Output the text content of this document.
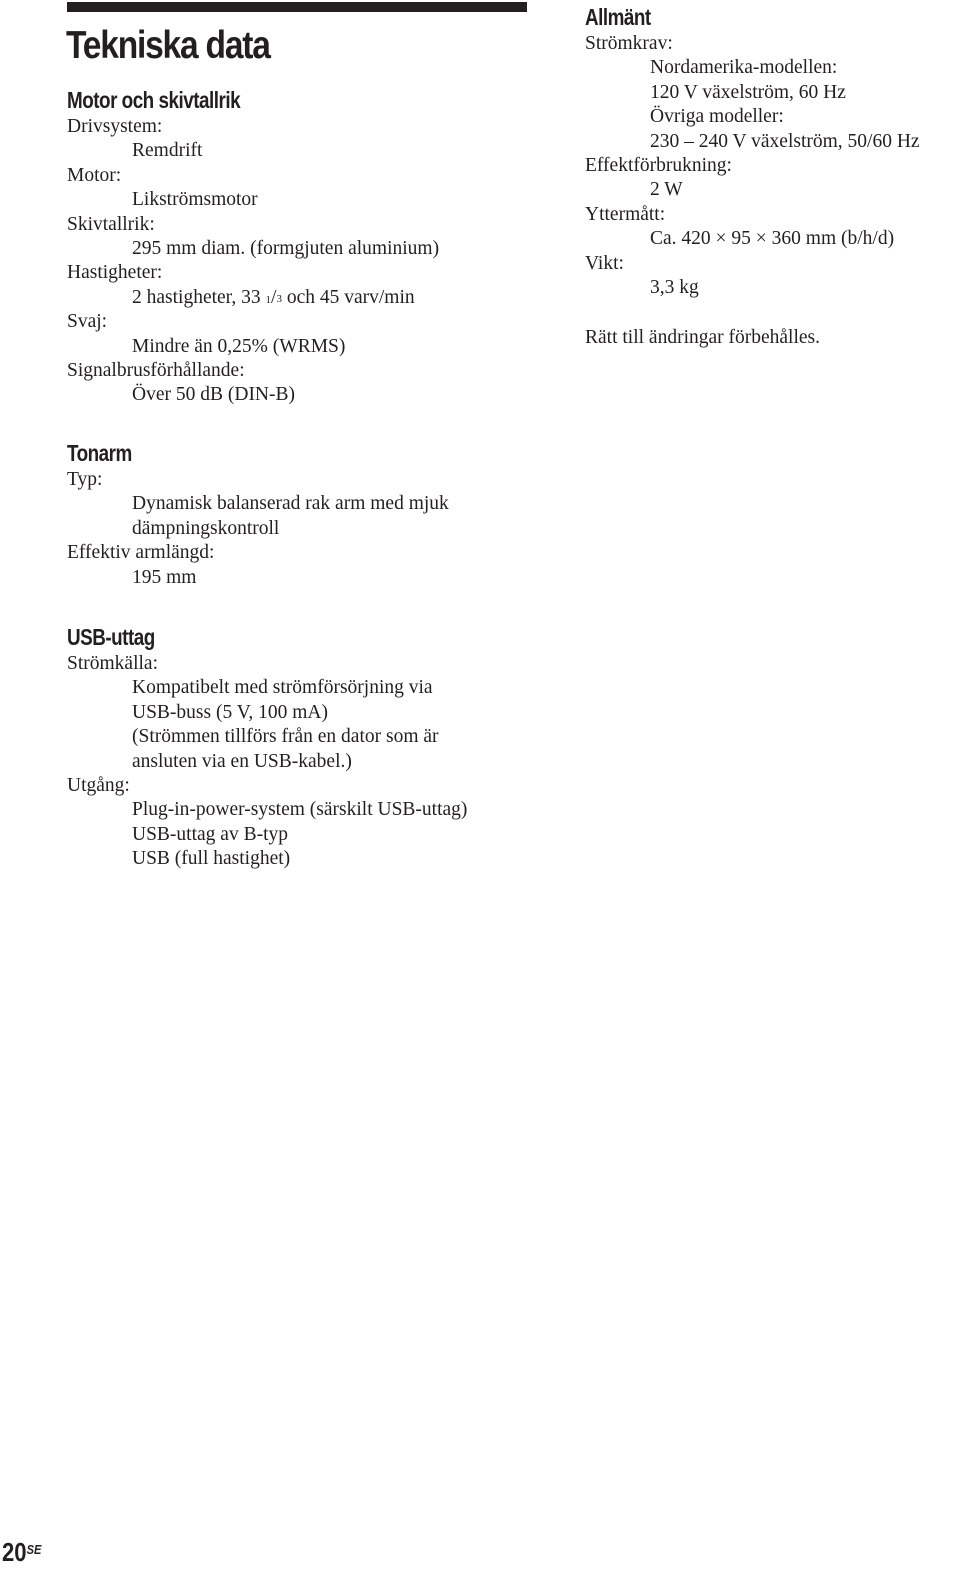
Tekniska data
Motor och skivtallrik
Drivsystem:
Remdrift
Motor:
Likströmsmotor
Skivtallrik:
295 mm diam. (formgjuten aluminium)
Hastigheter:
2 hastigheter, 33 $^1/_3$ och 45 varv/min
Svaj:
Mindre än 0,25% (WRMS)
Signalbrusförhållande:
Över 50 dB (DIN-B)
Tonarm
Typ:
Dynamisk balanserad rak arm med mjuk
dämpningskontroll
Effektiv armlängd:
195 mm
USB-uttag
Strömkälla:
Kompatibelt med strömförsörjning via
USB-buss (5 V, 100 mA)
(Strömmen tillförs från en dator som är
ansluten via en USB-kabel.)
Utgång:
Plug-in-power-system (särskilt USB-uttag)
USB-uttag av B-typ
USB (full hastighet)
Allmänt
Strömkrav:
Nordamerika-modellen:
120 V växelström, 60 Hz
Övriga modeller:
230 – 240 V växelström, 50/60 Hz
Effektförbrukning:
2 W
Yttermått:
Ca. 420 × 95 × 360 mm (b/h/d)
Vikt:
3,3 kg
Rätt till ändringar förbehålles.
$20^{SE}$
